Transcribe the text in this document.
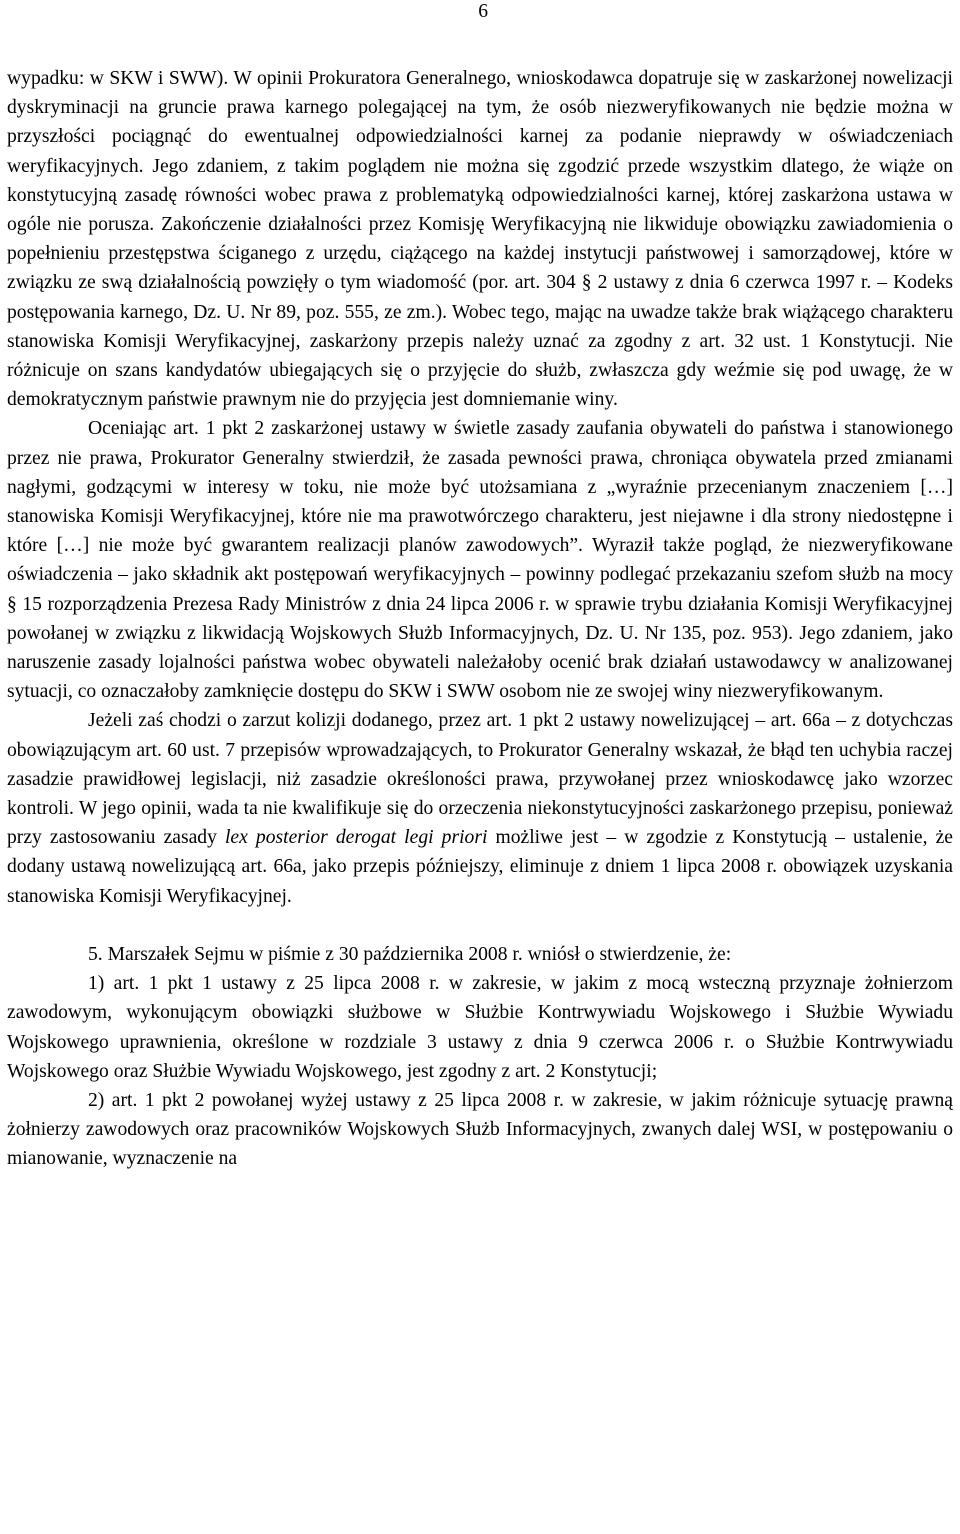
6

wypadku: w SKW i SWW). W opinii Prokuratora Generalnego, wnioskodawca dopatruje się w zaskarżonej nowelizacji dyskryminacji na gruncie prawa karnego polegającej na tym, że osób niezweryfikowanych nie będzie można w przyszłości pociągnąć do ewentualnej odpowiedzialności karnej za podanie nieprawdy w oświadczeniach weryfikacyjnych. Jego zdaniem, z takim poglądem nie można się zgodzić przede wszystkim dlatego, że wiąże on konstytucyjną zasadę równości wobec prawa z problematyką odpowiedzialności karnej, której zaskarżona ustawa w ogóle nie porusza. Zakończenie działalności przez Komisję Weryfikacyjną nie likwiduje obowiązku zawiadomienia o popełnieniu przestępstwa ściganego z urzędu, ciążącego na każdej instytucji państwowej i samorządowej, które w związku ze swą działalnością powzięły o tym wiadomość (por. art. 304 § 2 ustawy z dnia 6 czerwca 1997 r. – Kodeks postępowania karnego, Dz. U. Nr 89, poz. 555, ze zm.). Wobec tego, mając na uwadze także brak wiążącego charakteru stanowiska Komisji Weryfikacyjnej, zaskarżony przepis należy uznać za zgodny z art. 32 ust. 1 Konstytucji. Nie różnicuje on szans kandydatów ubiegających się o przyjęcie do służb, zwłaszcza gdy weźmie się pod uwagę, że w demokratycznym państwie prawnym nie do przyjęcia jest domniemanie winy.

Oceniając art. 1 pkt 2 zaskarżonej ustawy w świetle zasady zaufania obywateli do państwa i stanowionego przez nie prawa, Prokurator Generalny stwierdził, że zasada pewności prawa, chroniąca obywatela przed zmianami nagłymi, godzącymi w interesy w toku, nie może być utożsamiana z „wyraźnie przecenianym znaczeniem […] stanowiska Komisji Weryfikacyjnej, które nie ma prawotwórczego charakteru, jest niejawne i dla strony niedostępne i które […] nie może być gwarantem realizacji planów zawodowych”. Wyraził także pogląd, że niezweryfikowane oświadczenia – jako składnik akt postępowań weryfikacyjnych – powinny podlegać przekazaniu szefom służb na mocy § 15 rozporządzenia Prezesa Rady Ministrów z dnia 24 lipca 2006 r. w sprawie trybu działania Komisji Weryfikacyjnej powołanej w związku z likwidacją Wojskowych Służb Informacyjnych, Dz. U. Nr 135, poz. 953). Jego zdaniem, jako naruszenie zasady lojalności państwa wobec obywateli należałoby ocenić brak działań ustawodawcy w analizowanej sytuacji, co oznaczałoby zamknięcie dostępu do SKW i SWW osobom nie ze swojej winy niezweryfikowanym.

Jeżeli zaś chodzi o zarzut kolizji dodanego, przez art. 1 pkt 2 ustawy nowelizującej – art. 66a – z dotychczas obowiązującym art. 60 ust. 7 przepisów wprowadzających, to Prokurator Generalny wskazał, że błąd ten uchybia raczej zasadzie prawidłowej legislacji, niż zasadzie określoności prawa, przywołanej przez wnioskodawcę jako wzorzec kontroli. W jego opinii, wada ta nie kwalifikuje się do orzeczenia niekonstytucyjności zaskarżonego przepisu, ponieważ przy zastosowaniu zasady lex posterior derogat legi priori możliwe jest – w zgodzie z Konstytucją – ustalenie, że dodany ustawą nowelizującą art. 66a, jako przepis późniejszy, eliminuje z dniem 1 lipca 2008 r. obowiązek uzyskania stanowiska Komisji Weryfikacyjnej.

5. Marszałek Sejmu w piśmie z 30 października 2008 r. wniósł o stwierdzenie, że:

1) art. 1 pkt 1 ustawy z 25 lipca 2008 r. w zakresie, w jakim z mocą wsteczną przyznaje żołnierzom zawodowym, wykonującym obowiązki służbowe w Służbie Kontrwywiadu Wojskowego i Służbie Wywiadu Wojskowego uprawnienia, określone w rozdziale 3 ustawy z dnia 9 czerwca 2006 r. o Służbie Kontrwywiadu Wojskowego oraz Służbie Wywiadu Wojskowego, jest zgodny z art. 2 Konstytucji;

2) art. 1 pkt 2 powołanej wyżej ustawy z 25 lipca 2008 r. w zakresie, w jakim różnicuje sytuację prawną żołnierzy zawodowych oraz pracowników Wojskowych Służb Informacyjnych, zwanych dalej WSI, w postępowaniu o mianowanie, wyznaczenie na
